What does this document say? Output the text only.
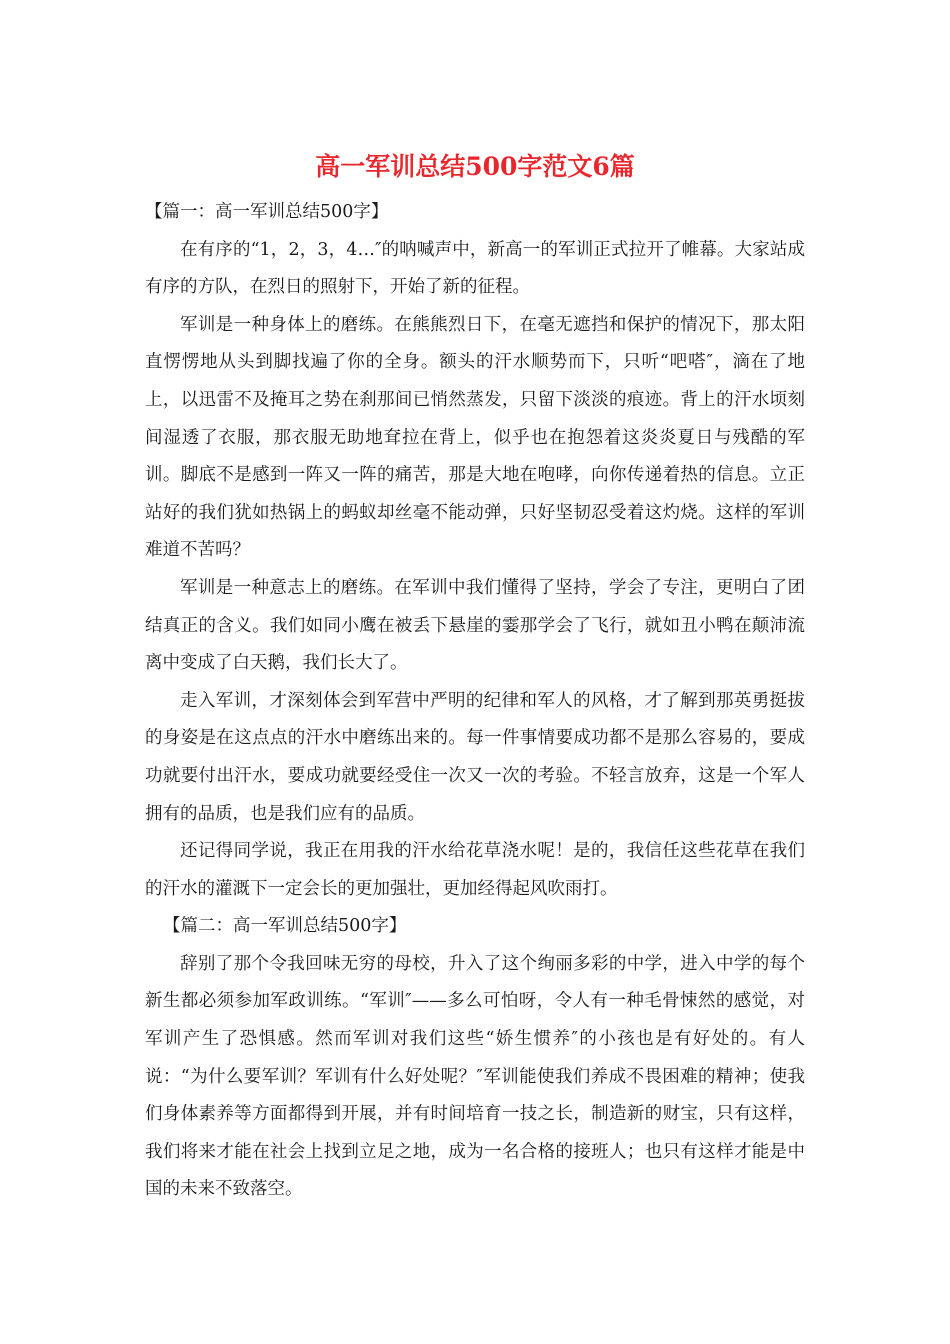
高一军训总结500字范文6篇

【篇一：高一军训总结500字】

在有序的“1，2，3，4…″的呐喊声中，新高一的军训正式拉开了帷幕。大家站成有序的方队，在烈日的照射下，开始了新的征程。

军训是一种身体上的磨练。在熊熊烈日下，在毫无遮挡和保护的情况下，那太阳直愣愣地从头到脚找遍了你的全身。额头的汗水顺势而下，只听“吧嗒″，滴在了地上，以迅雷不及掩耳之势在刹那间已悄然蒸发，只留下淡淡的痕迹。背上的汗水顷刻间湿透了衣服，那衣服无助地耷拉在背上，似乎也在抱怨着这炎炎夏日与残酷的军训。脚底不是感到一阵又一阵的痛苦，那是大地在咆哮，向你传递着热的信息。立正站好的我们犹如热锅上的蚂蚁却丝毫不能动弹，只好坚韧忍受着这灼烧。这样的军训难道不苦吗？

军训是一种意志上的磨练。在军训中我们懂得了坚持，学会了专注，更明白了团结真正的含义。我们如同小鹰在被丢下悬崖的霎那学会了飞行，就如丑小鸭在颠沛流离中变成了白天鹅，我们长大了。

走入军训，才深刻体会到军营中严明的纪律和军人的风格，才了解到那英勇挺拔的身姿是在这点点的汗水中磨练出来的。每一件事情要成功都不是那么容易的，要成功就要付出汗水，要成功就要经受住一次又一次的考验。不轻言放弃，这是一个军人拥有的品质，也是我们应有的品质。

还记得同学说，我正在用我的汗水给花草浇水呢！是的，我信任这些花草在我们的汗水的灌溉下一定会长的更加强壮，更加经得起风吹雨打。

【篇二：高一军训总结500字】

辞别了那个令我回味无穷的母校，升入了这个绚丽多彩的中学，进入中学的每个新生都必须参加军政训练。“军训″——多么可怕呀，令人有一种毛骨悚然的感觉，对军训产生了恐惧感。然而军训对我们这些“娇生惯养″的小孩也是有好处的。有人说：“为什么要军训？军训有什么好处呢？″军训能使我们养成不畏困难的精神；使我们身体素养等方面都得到开展，并有时间培育一技之长，制造新的财宝，只有这样，我们将来才能在社会上找到立足之地，成为一名合格的接班人；也只有这样才能是中国的未来不致落空。
